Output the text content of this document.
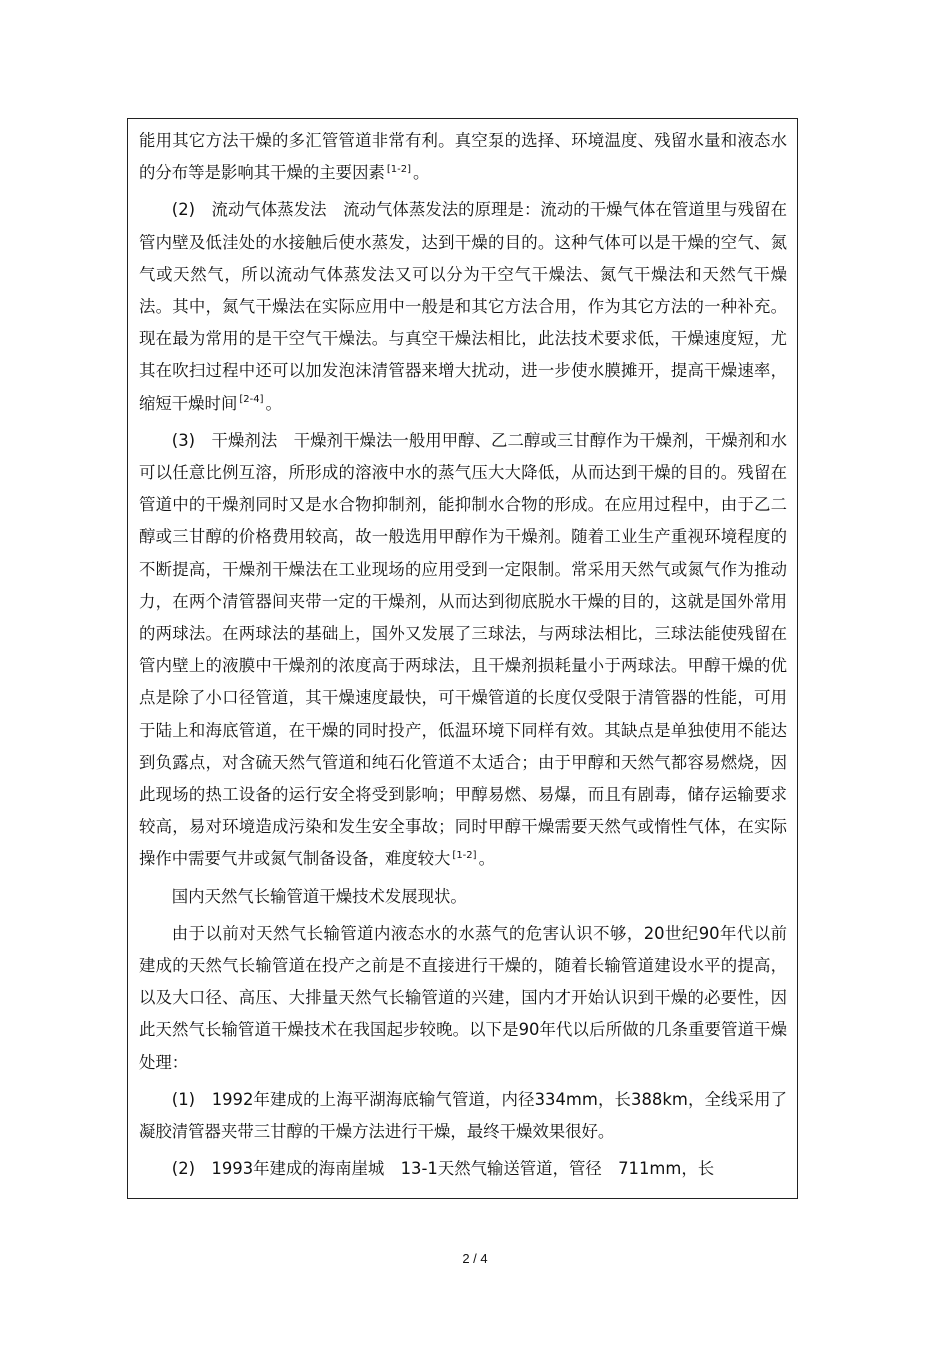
能用其它方法干燥的多汇管管道非常有利。真空泵的选择、环境温度、残留水量和液态水的分布等是影响其干燥的主要因素 [1-2] 。

(2)　流动气体蒸发法　流动气体蒸发法的原理是：流动的干燥气体在管道里与残留在管内壁及低洼处的水接触后使水蒸发，达到干燥的目的。这种气体可以是干燥的空气、氮气或天然气，所以流动气体蒸发法又可以分为干空气干燥法、氮气干燥法和天然气干燥法。其中，氮气干燥法在实际应用中一般是和其它方法合用，作为其它方法的一种补充。现在最为常用的是干空气干燥法。与真空干燥法相比，此法技术要求低，干燥速度短，尤其在吹扫过程中还可以加发泡沫清管器来增大扰动，进一步使水膜摊开，提高干燥速率，缩短干燥时间 [2-4] 。

(3)　干燥剂法　干燥剂干燥法一般用甲醇、乙二醇或三甘醇作为干燥剂，干燥剂和水可以任意比例互溶，所形成的溶液中水的蒸气压大大降低，从而达到干燥的目的。残留在管道中的干燥剂同时又是水合物抑制剂，能抑制水合物的形成。在应用过程中，由于乙二醇或三甘醇的价格费用较高，故一般选用甲醇作为干燥剂。随着工业生产重视环境程度的不断提高，干燥剂干燥法在工业现场的应用受到一定限制。常采用天然气或氮气作为推动力，在两个清管器间夹带一定的干燥剂，从而达到彻底脱水干燥的目的，这就是国外常用的两球法。在两球法的基础上，国外又发展了三球法，与两球法相比，三球法能使残留在管内壁上的液膜中干燥剂的浓度高于两球法，且干燥剂损耗量小于两球法。甲醇干燥的优点是除了小口径管道，其干燥速度最快，可干燥管道的长度仅受限于清管器的性能，可用于陆上和海底管道，在干燥的同时投产，低温环境下同样有效。其缺点是单独使用不能达到负露点，对含硫天然气管道和纯石化管道不太适合；由于甲醇和天然气都容易燃烧，因此现场的热工设备的运行安全将受到影响；甲醇易燃、易爆，而且有剧毒，储存运输要求较高，易对环境造成污染和发生安全事故；同时甲醇干燥需要天然气或惰性气体，在实际操作中需要气井或氮气制备设备，难度较大 [1-2] 。

国内天然气长输管道干燥技术发展现状。

由于以前对天然气长输管道内液态水的水蒸气的危害认识不够，20世纪90年代以前建成的天然气长输管道在投产之前是不直接进行干燥的，随着长输管道建设水平的提高，以及大口径、高压、大排量天然气长输管道的兴建，国内才开始认识到干燥的必要性，因此天然气长输管道干燥技术在我国起步较晚。以下是90年代以后所做的几条重要管道干燥处理：

(1)　1992年建成的上海平湖海底输气管道，内径334mm，长388km，全线采用了凝胶清管器夹带三甘醇的干燥方法进行干燥，最终干燥效果很好。

(2)　1993年建成的海南崖城　13-1天然气输送管道，管径　711mm，长

2 / 4
